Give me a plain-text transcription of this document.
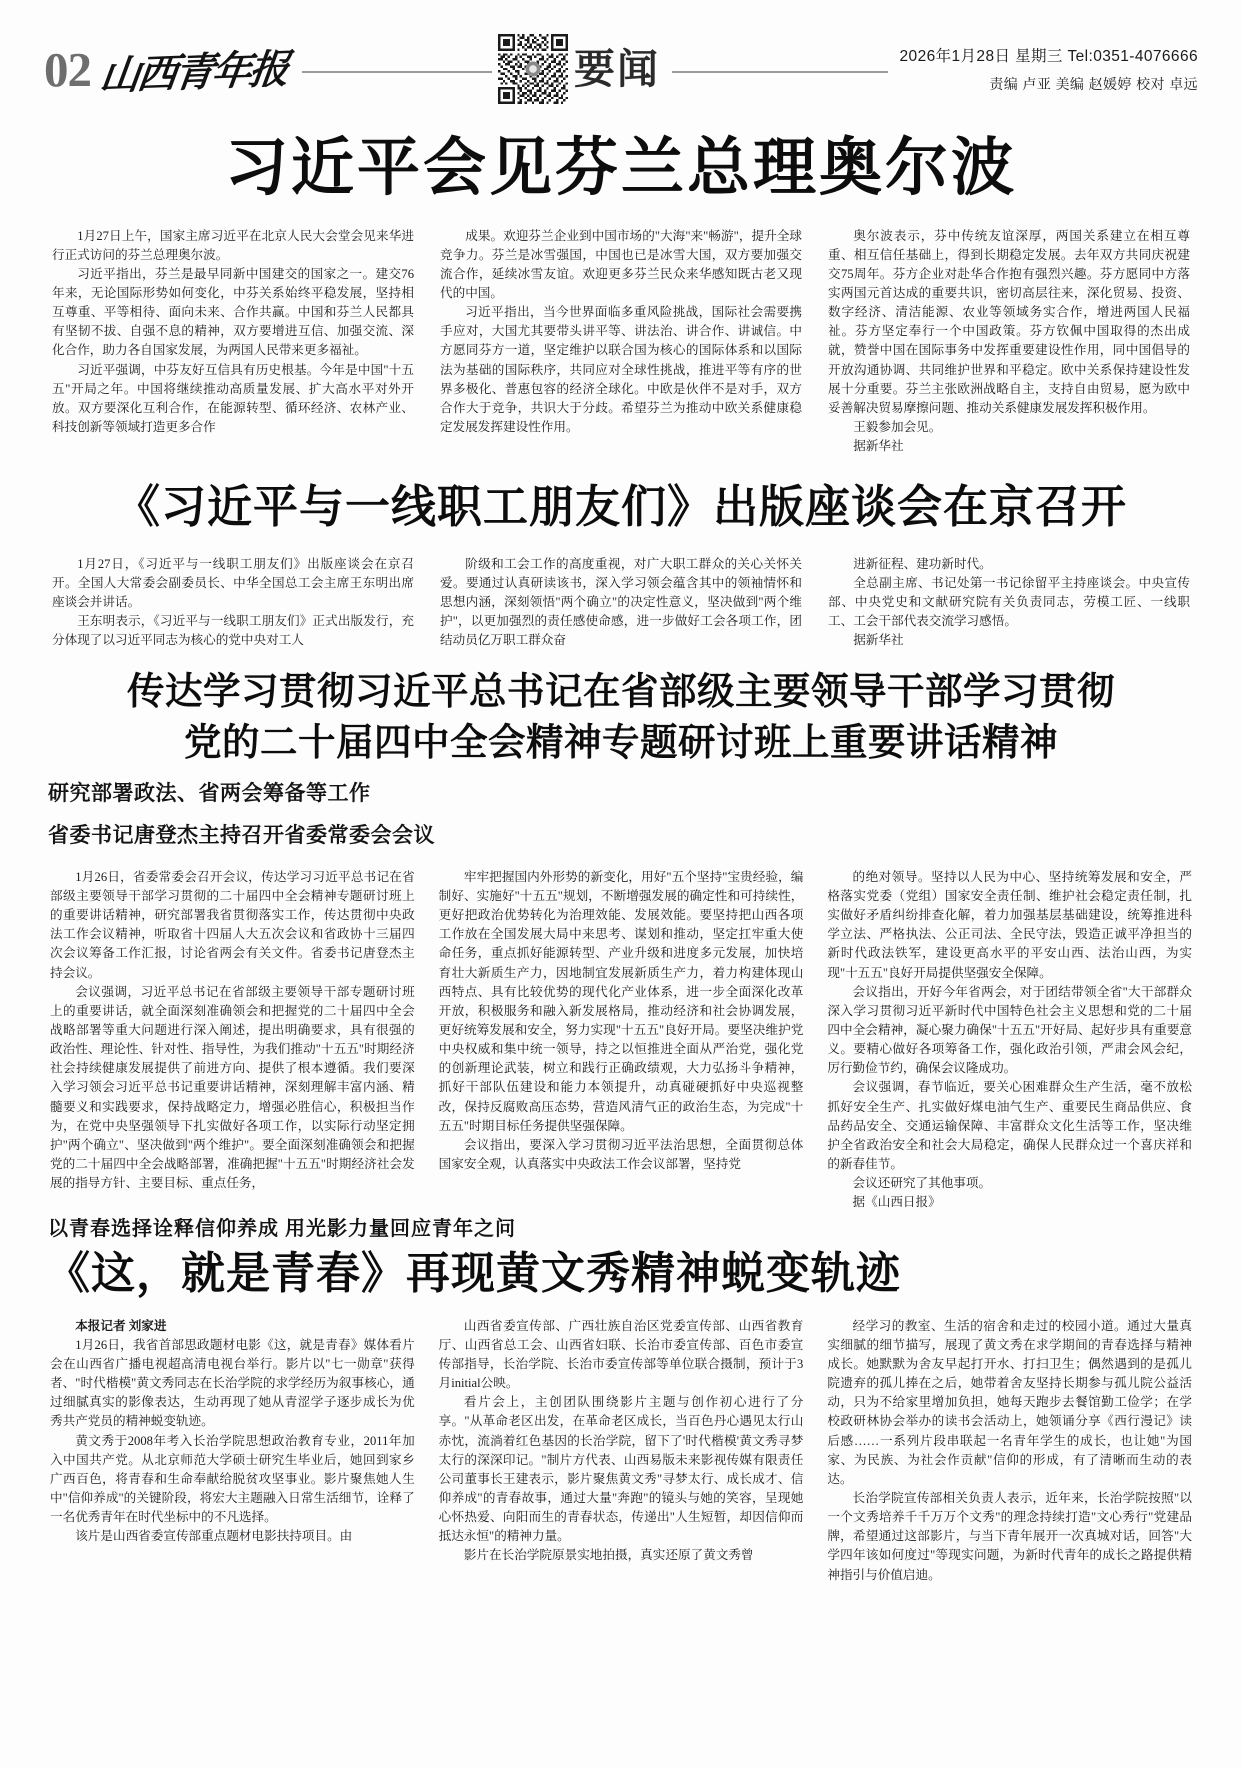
02 山西青年报	要闻	2026年1月28日 星期三 Tel:0351-4076666
责编 卢亚 美编 赵媛婷 校对 卓远
习近平会见芬兰总理奥尔波

1月27日上午，国家主席习近平在北京人民大会堂会见来华进行正式访问的芬兰总理奥尔波。

习近平指出，芬兰是最早同新中国建交的国家之一。建交76年来，无论国际形势如何变化，中芬关系始终平稳发展，坚持相互尊重、平等相待、面向未来、合作共赢。中国和芬兰人民都具有坚韧不拔、自强不息的精神，双方要增进互信、加强交流、深化合作，助力各自国家发展，为两国人民带来更多福祉。

习近平强调，中芬友好互信具有历史根基。今年是中国"十五五"开局之年。中国将继续推动高质量发展、扩大高水平对外开放。双方要深化互利合作，在能源转型、循环经济、农林产业、科技创新等领域打造更多合作

成果。欢迎芬兰企业到中国市场的"大海"来"畅游"，提升全球竞争力。芬兰是冰雪强国，中国也已是冰雪大国，双方要加强交流合作，延续冰雪友谊。欢迎更多芬兰民众来华感知既古老又现代的中国。

习近平指出，当今世界面临多重风险挑战，国际社会需要携手应对，大国尤其要带头讲平等、讲法治、讲合作、讲诚信。中方愿同芬方一道，坚定维护以联合国为核心的国际体系和以国际法为基础的国际秩序，共同应对全球性挑战，推进平等有序的世界多极化、普惠包容的经济全球化。中欧是伙伴不是对手，双方合作大于竞争，共识大于分歧。希望芬兰为推动中欧关系健康稳定发展发挥建设性作用。

奥尔波表示，芬中传统友谊深厚，两国关系建立在相互尊重、相互信任基础上，得到长期稳定发展。去年双方共同庆祝建交75周年。芬方企业对赴华合作抱有强烈兴趣。芬方愿同中方落实两国元首达成的重要共识，密切高层往来，深化贸易、投资、数字经济、清洁能源、农业等领域务实合作，增进两国人民福祉。芬方坚定奉行一个中国政策。芬方钦佩中国取得的杰出成就，赞誉中国在国际事务中发挥重要建设性作用，同中国倡导的开放沟通协调、共同维护世界和平稳定。欧中关系保持建设性发展十分重要。芬兰主张欧洲战略自主，支持自由贸易，愿为欧中妥善解决贸易摩擦问题、推动关系健康发展发挥积极作用。

王毅参加会见。

据新华社

《习近平与一线职工朋友们》出版座谈会在京召开

1月27日，《习近平与一线职工朋友们》出版座谈会在京召开。全国人大常委会副委员长、中华全国总工会主席王东明出席座谈会并讲话。

王东明表示，《习近平与一线职工朋友们》正式出版发行，充分体现了以习近平同志为核心的党中央对工人

阶级和工会工作的高度重视，对广大职工群众的关心关怀关爱。要通过认真研读该书，深入学习领会蕴含其中的领袖情怀和思想内涵，深刻领悟"两个确立"的决定性意义，坚决做到"两个维护"，以更加强烈的责任感使命感，进一步做好工会各项工作，团结动员亿万职工群众奋

进新征程、建功新时代。

全总副主席、书记处第一书记徐留平主持座谈会。中央宣传部、中央党史和文献研究院有关负责同志，劳模工匠、一线职工、工会干部代表交流学习感悟。

据新华社

传达学习贯彻习近平总书记在省部级主要领导干部学习贯彻
党的二十届四中全会精神专题研讨班上重要讲话精神
研究部署政法、省两会筹备等工作
省委书记唐登杰主持召开省委常委会会议

1月26日，省委常委会召开会议，传达学习习近平总书记在省部级主要领导干部学习贯彻的二十届四中全会精神专题研讨班上的重要讲话精神，研究部署我省贯彻落实工作，传达贯彻中央政法工作会议精神，听取省十四届人大五次会议和省政协十三届四次会议筹备工作汇报，讨论省两会有关文件。省委书记唐登杰主持会议。

会议强调，习近平总书记在省部级主要领导干部专题研讨班上的重要讲话，就全面深刻准确领会和把握党的二十届四中全会战略部署等重大问题进行深入阐述，提出明确要求，具有很强的政治性、理论性、针对性、指导性，为我们推动"十五五"时期经济社会持续健康发展提供了前进方向、提供了根本遵循。我们要深入学习领会习近平总书记重要讲话精神，深刻理解丰富内涵、精髓要义和实践要求，保持战略定力，增强必胜信心，积极担当作为，在党中央坚强领导下扎实做好各项工作，以实际行动坚定拥护"两个确立"、坚决做到"两个维护"。要全面深刻准确领会和把握党的二十届四中全会战略部署，准确把握"十五五"时期经济社会发展的指导方针、主要目标、重点任务，

牢牢把握国内外形势的新变化，用好"五个坚持"宝贵经验，编制好、实施好"十五五"规划，不断增强发展的确定性和可持续性，更好把政治优势转化为治理效能、发展效能。要坚持把山西各项工作放在全国发展大局中来思考、谋划和推动，坚定扛牢重大使命任务，重点抓好能源转型、产业升级和进度多元发展，加快培育壮大新质生产力，因地制宜发展新质生产力，着力构建体现山西特点、具有比较优势的现代化产业体系，进一步全面深化改革开放，积极服务和融入新发展格局，推动经济和社会协调发展，更好统筹发展和安全，努力实现"十五五"良好开局。要坚决维护党中央权威和集中统一领导，持之以恒推进全面从严治党，强化党的创新理论武装，树立和践行正确政绩观，大力弘扬斗争精神，抓好干部队伍建设和能力本领提升，动真碰硬抓好中央巡视整改，保持反腐败高压态势，营造风清气正的政治生态，为完成"十五五"时期目标任务提供坚强保障。

会议指出，要深入学习贯彻习近平法治思想，全面贯彻总体国家安全观，认真落实中央政法工作会议部署，坚持党

的绝对领导。坚持以人民为中心、坚持统筹发展和安全，严格落实党委（党组）国家安全责任制、维护社会稳定责任制，扎实做好矛盾纠纷排查化解，着力加强基层基础建设，统筹推进科学立法、严格执法、公正司法、全民守法，毁造正诚平净担当的新时代政法铁军，建设更高水平的平安山西、法治山西，为实现"十五五"良好开局提供坚强安全保障。

会议指出，开好今年省两会，对于团结带领全省"大干部群众深入学习贯彻习近平新时代中国特色社会主义思想和党的二十届四中全会精神，凝心聚力确保"十五五"开好局、起好步具有重要意义。要精心做好各项筹备工作，强化政治引领，严肃会风会纪，厉行勤俭节约，确保会议隆成功。

会议强调，春节临近，要关心困难群众生产生活，毫不放松抓好安全生产、扎实做好煤电油气生产、重要民生商品供应、食品药品安全、交通运输保障、丰富群众文化生活等工作，坚决维护全省政治安全和社会大局稳定，确保人民群众过一个喜庆祥和的新春佳节。

会议还研究了其他事项。

据《山西日报》

以青春选择诠释信仰养成 用光影力量回应青年之问
《这，就是青春》再现黄文秀精神蜕变轨迹

本报记者 刘家进

1月26日，我省首部思政题材电影《这，就是青春》媒体看片会在山西省广播电视超高清电视台举行。影片以"七一勋章"获得者、"时代楷模"黄文秀同志在长治学院的求学经历为叙事核心，通过细腻真实的影像表达，生动再现了她从青涩学子逐步成长为优秀共产党员的精神蜕变轨迹。

黄文秀于2008年考入长治学院思想政治教育专业，2011年加入中国共产党。从北京师范大学硕士研究生毕业后，她回到家乡广西百色，将青春和生命奉献给脱贫攻坚事业。影片聚焦她人生中"信仰养成"的关键阶段，将宏大主题融入日常生活细节，诠释了一名优秀青年在时代坐标中的不凡选择。

该片是山西省委宣传部重点题材电影扶持项目。由

山西省委宣传部、广西壮族自治区党委宣传部、山西省教育厅、山西省总工会、山西省妇联、长治市委宣传部、百色市委宣传部指导，长治学院、长治市委宣传部等单位联合摄制，预计于3月initial公映。

看片会上，主创团队围绕影片主题与创作初心进行了分享。"从革命老区出发，在革命老区成长，当百色丹心遇见太行山赤忱，流淌着红色基因的长治学院，留下了'时代楷模'黄文秀寻梦太行的深深印记。"制片方代表、山西易版未来影视传媒有限责任公司董事长王建表示，影片聚焦黄文秀"寻梦太行、成长成才、信仰养成"的青春故事，通过大量"奔跑"的镜头与她的笑容，呈现她心怀热爱、向阳而生的青春状态，传递出"人生短暂，却因信仰而抵达永恒"的精神力量。

影片在长治学院原景实地拍摄，真实还原了黄文秀曾

经学习的教室、生活的宿舍和走过的校园小道。通过大量真实细腻的细节描写，展现了黄文秀在求学期间的青春选择与精神成长。她默默为舍友早起打开水、打扫卫生；偶然遇到的是孤儿院遗弃的孤儿捧在之后，她带着舍友坚持长期参与孤儿院公益活动，只为不给家里增加负担，她每天跑步去餐馆勤工俭学；在学校政研林协会举办的读书会活动上，她领诵分享《西行漫记》读后感……一系列片段串联起一名青年学生的成长，也让她"为国家、为民族、为社会作贡献"信仰的形成，有了清晰而生动的表达。

长治学院宣传部相关负责人表示，近年来，长治学院按照"以一个文秀培养千千万万个文秀"的理念持续打造"文心秀行"党建品牌，希望通过这部影片，与当下青年展开一次真城对话，回答"大学四年该如何度过"等现实问题，为新时代青年的成长之路提供精神指引与价值启迪。
